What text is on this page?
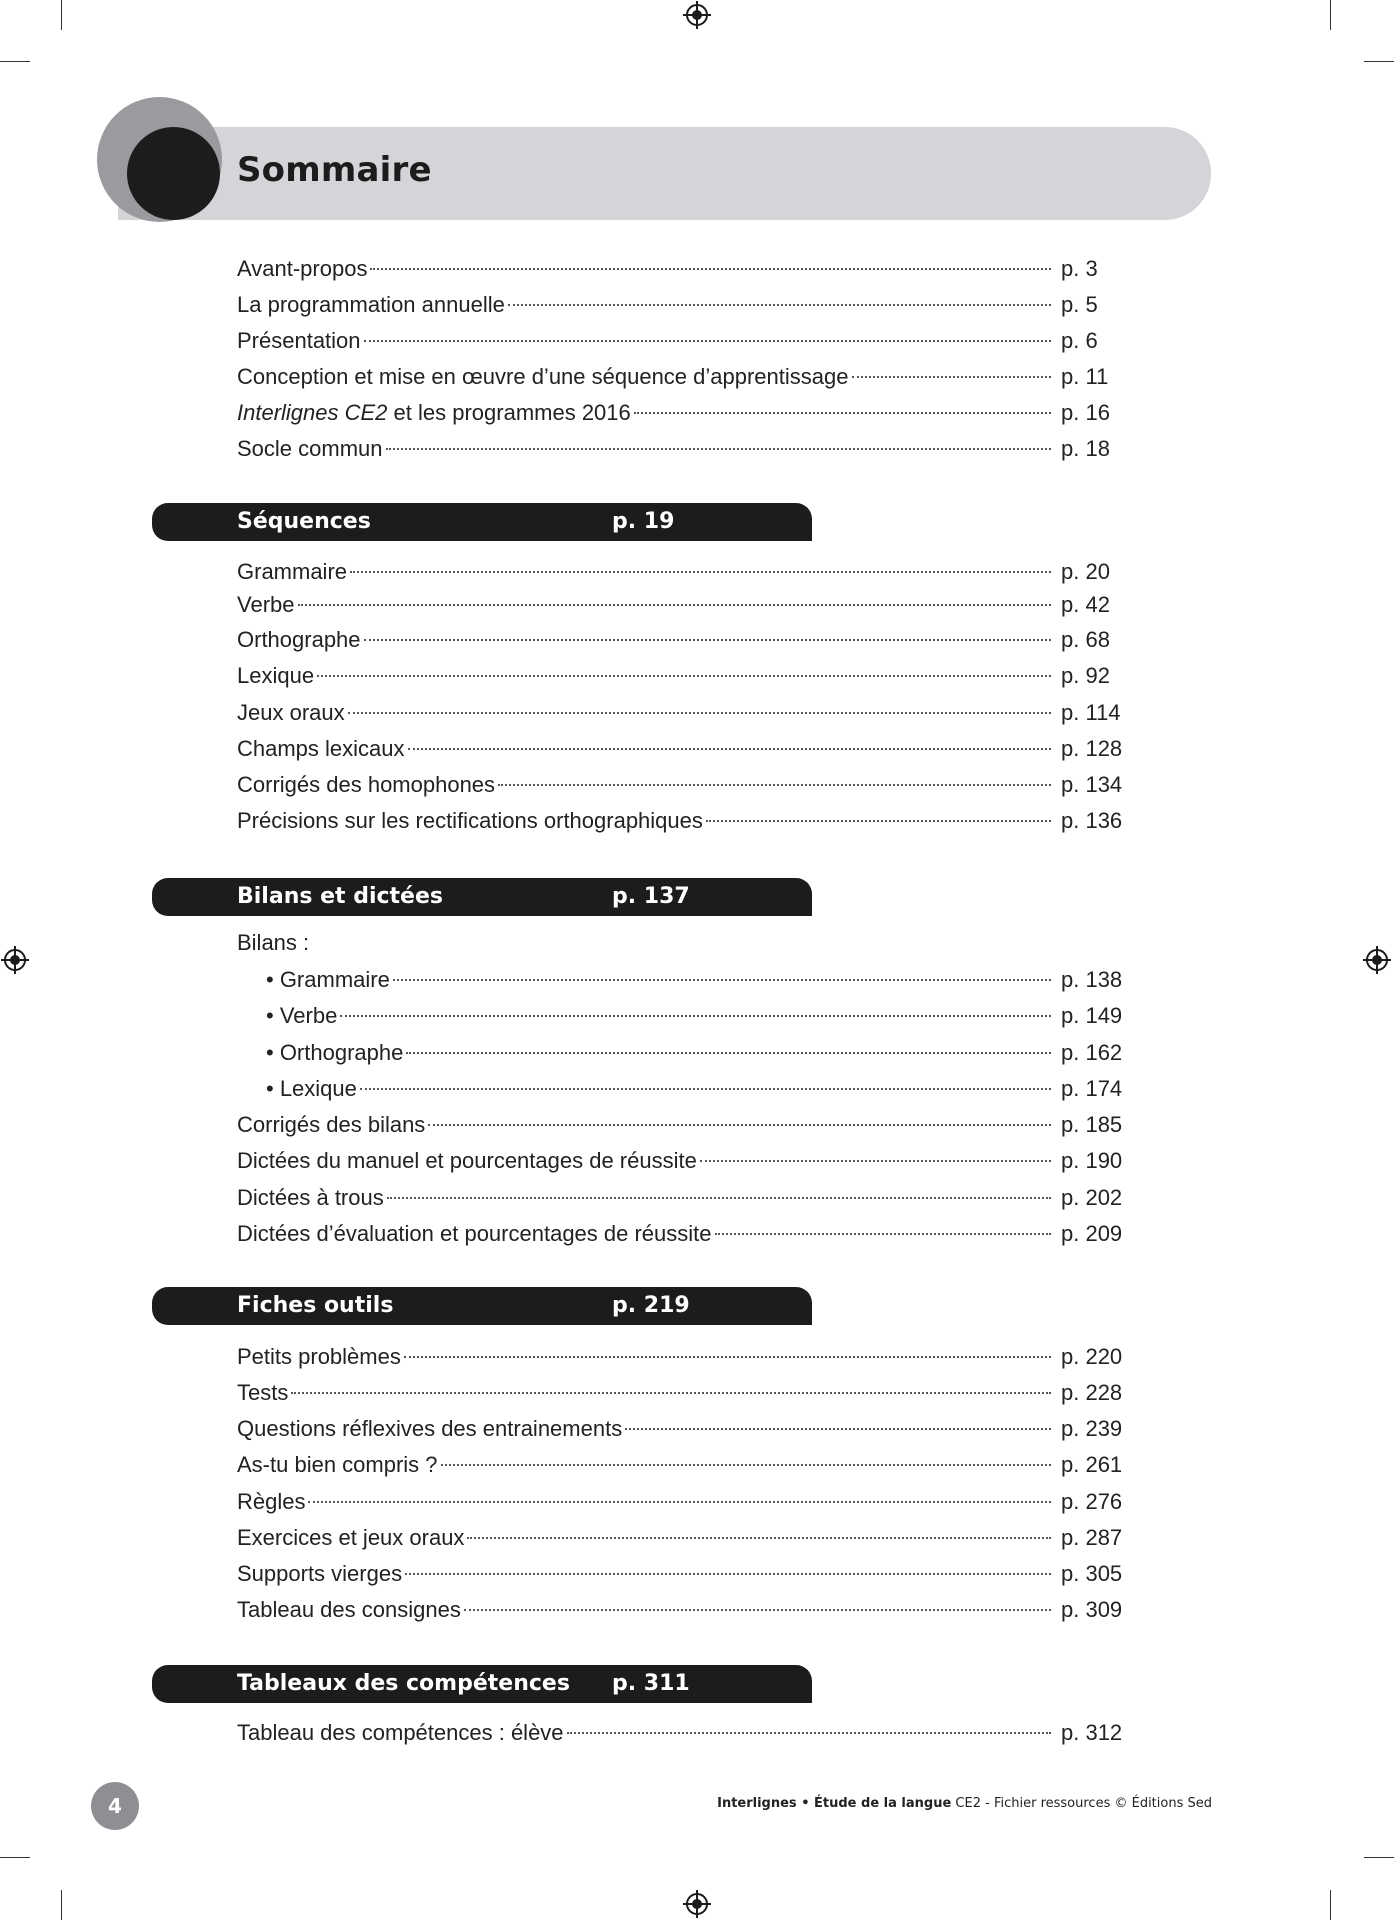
Sommaire
Avant-propos	p. 3
La programmation annuelle	p. 5
Présentation	p. 6
Conception et mise en œuvre d’une séquence d’apprentissage	p. 11
Interlignes CE2 et les programmes 2016	p. 16
Socle commun	p. 18
Séquences	p. 19
Grammaire	p. 20
Verbe	p. 42
Orthographe	p. 68
Lexique	p. 92
Jeux oraux	p. 114
Champs lexicaux	p. 128
Corrigés des homophones	p. 134
Précisions sur les rectifications orthographiques	p. 136
Bilans et dictées	p. 137
Bilans :
• Grammaire	p. 138
• Verbe	p. 149
• Orthographe	p. 162
• Lexique	p. 174
Corrigés des bilans	p. 185
Dictées du manuel et pourcentages de réussite	p. 190
Dictées à trous	p. 202
Dictées d’évaluation et pourcentages de réussite	p. 209
Fiches outils	p. 219
Petits problèmes	p. 220
Tests	p. 228
Questions réflexives des entrainements	p. 239
As-tu bien compris ?	p. 261
Règles	p. 276
Exercices et jeux oraux	p. 287
Supports vierges	p. 305
Tableau des consignes	p. 309
Tableaux des compétences p. 311
Tableau des compétences : élève	p. 312
4	Interlignes • Étude de la langue CE2 - Fichier ressources © Éditions Sed
